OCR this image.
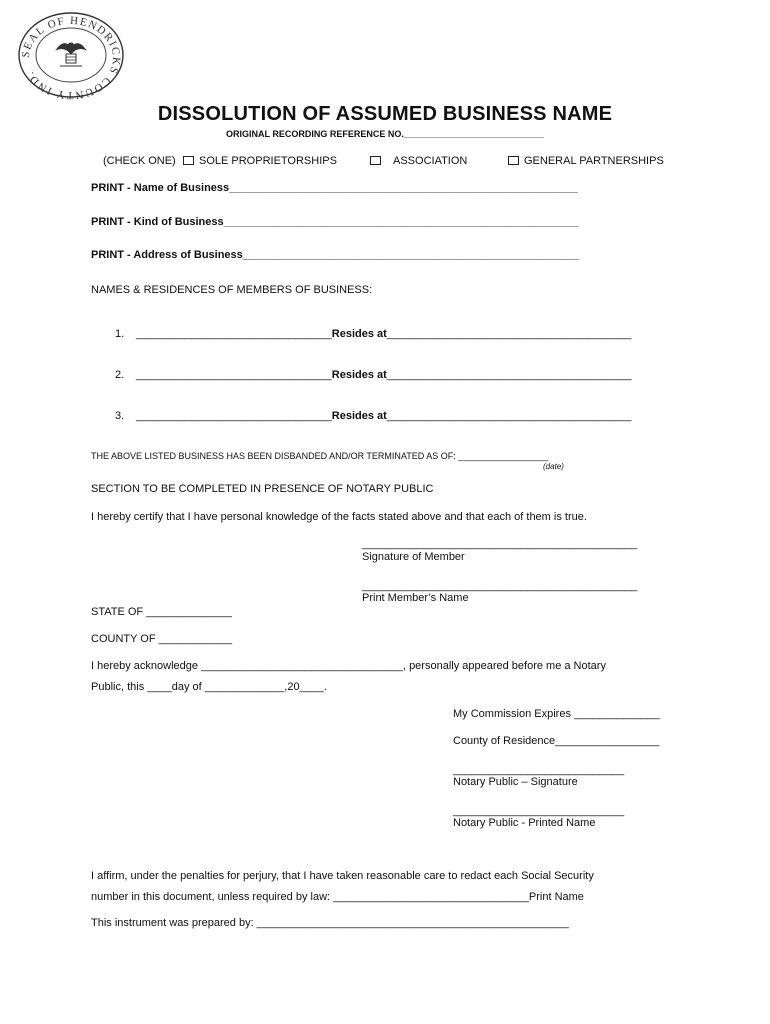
SEAL OF HENDRICKS COUNTY IND.
DISSOLUTION OF ASSUMED BUSINESS NAME
ORIGINAL RECORDING REFERENCE NO.____________________________
(CHECK ONE)	SOLE PROPRIETORSHIPS	ASSOCIATION	GENERAL PARTNERSHIPS
PRINT - Name of Business_________________________________________________________
PRINT - Kind of Business__________________________________________________________
PRINT - Address of Business_______________________________________________________
NAMES & RESIDENCES OF MEMBERS OF BUSINESS:
1. ________________________________Resides at________________________________________
2. ________________________________Resides at________________________________________
3. ________________________________Resides at________________________________________
THE ABOVE LISTED BUSINESS HAS BEEN DISBANDED AND/OR TERMINATED AS OF: __________________
(date)
SECTION TO BE COMPLETED IN PRESENCE OF NOTARY PUBLIC
I hereby certify that I have personal knowledge of the facts stated above and that each of them is true.
_____________________________________________
Signature of Member
_____________________________________________
Print Member’s Name
STATE OF ______________
COUNTY OF ____________
I hereby acknowledge _________________________________, personally appeared before me a Notary
Public, this ____day of _____________,20____.
My Commission Expires ______________
County of Residence_________________
____________________________
Notary Public – Signature
____________________________
Notary Public - Printed Name
I affirm, under the penalties for perjury, that I have taken reasonable care to redact each Social Security
number in this document, unless required by law: ________________________________Print Name
This instrument was prepared by: ___________________________________________________
